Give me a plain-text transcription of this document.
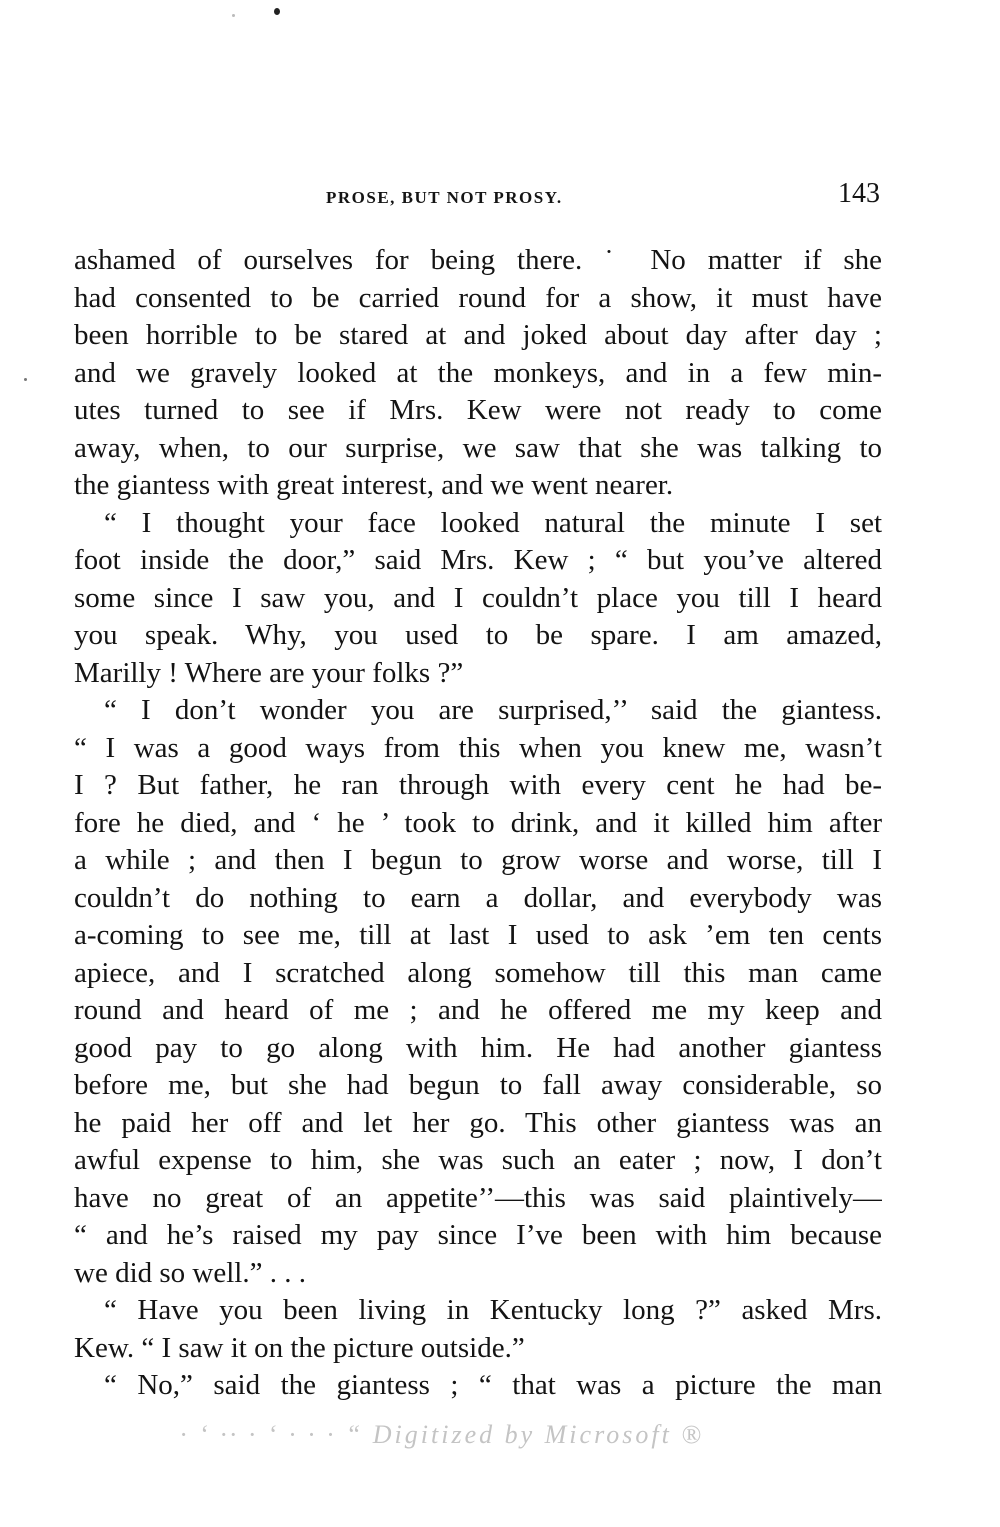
PROSE, BUT NOT PROSY.	143
ashamed of ourselves for being there. ˙ No matter if she
had consented to be carried round for a show, it must have
been horrible to be stared at and joked about day after day ;
and we gravely looked at the monkeys, and in a few min-
utes turned to see if Mrs. Kew were not ready to come
away, when, to our surprise, we saw that she was talking to
the giantess with great interest, and we went nearer.
“ I thought your face looked natural the minute I set
foot inside the door,” said Mrs. Kew ; “ but you’ve altered
some since I saw you, and I couldn’t place you till I heard
you speak. Why, you used to be spare. I am amazed,
Marilly ! Where are your folks ?”
“ I don’t wonder you are surprised,’’ said the giantess.
“ I was a good ways from this when you knew me, wasn’t
I ? But father, he ran through with every cent he had be-
fore he died, and ‘ he ’ took to drink, and it killed him after
a while ; and then I begun to grow worse and worse, till I
couldn’t do nothing to earn a dollar, and everybody was
a-coming to see me, till at last I used to ask ’em ten cents
apiece, and I scratched along somehow till this man came
round and heard of me ; and he offered me my keep and
good pay to go along with him. He had another giantess
before me, but she had begun to fall away considerable, so
he paid her off and let her go. This other giantess was an
awful expense to him, she was such an eater ; now, I don’t
have no great of an appetite’’—this was said plaintively—
“ and he’s raised my pay since I’ve been with him because
we did so well.” . . .
“ Have you been living in Kentucky long ?” asked Mrs.
Kew. “ I saw it on the picture outside.”
“ No,” said the giantess ; “ that was a picture the man
· ‘ ·· · ‘ · · · “ Digitized by Microsoft ®
